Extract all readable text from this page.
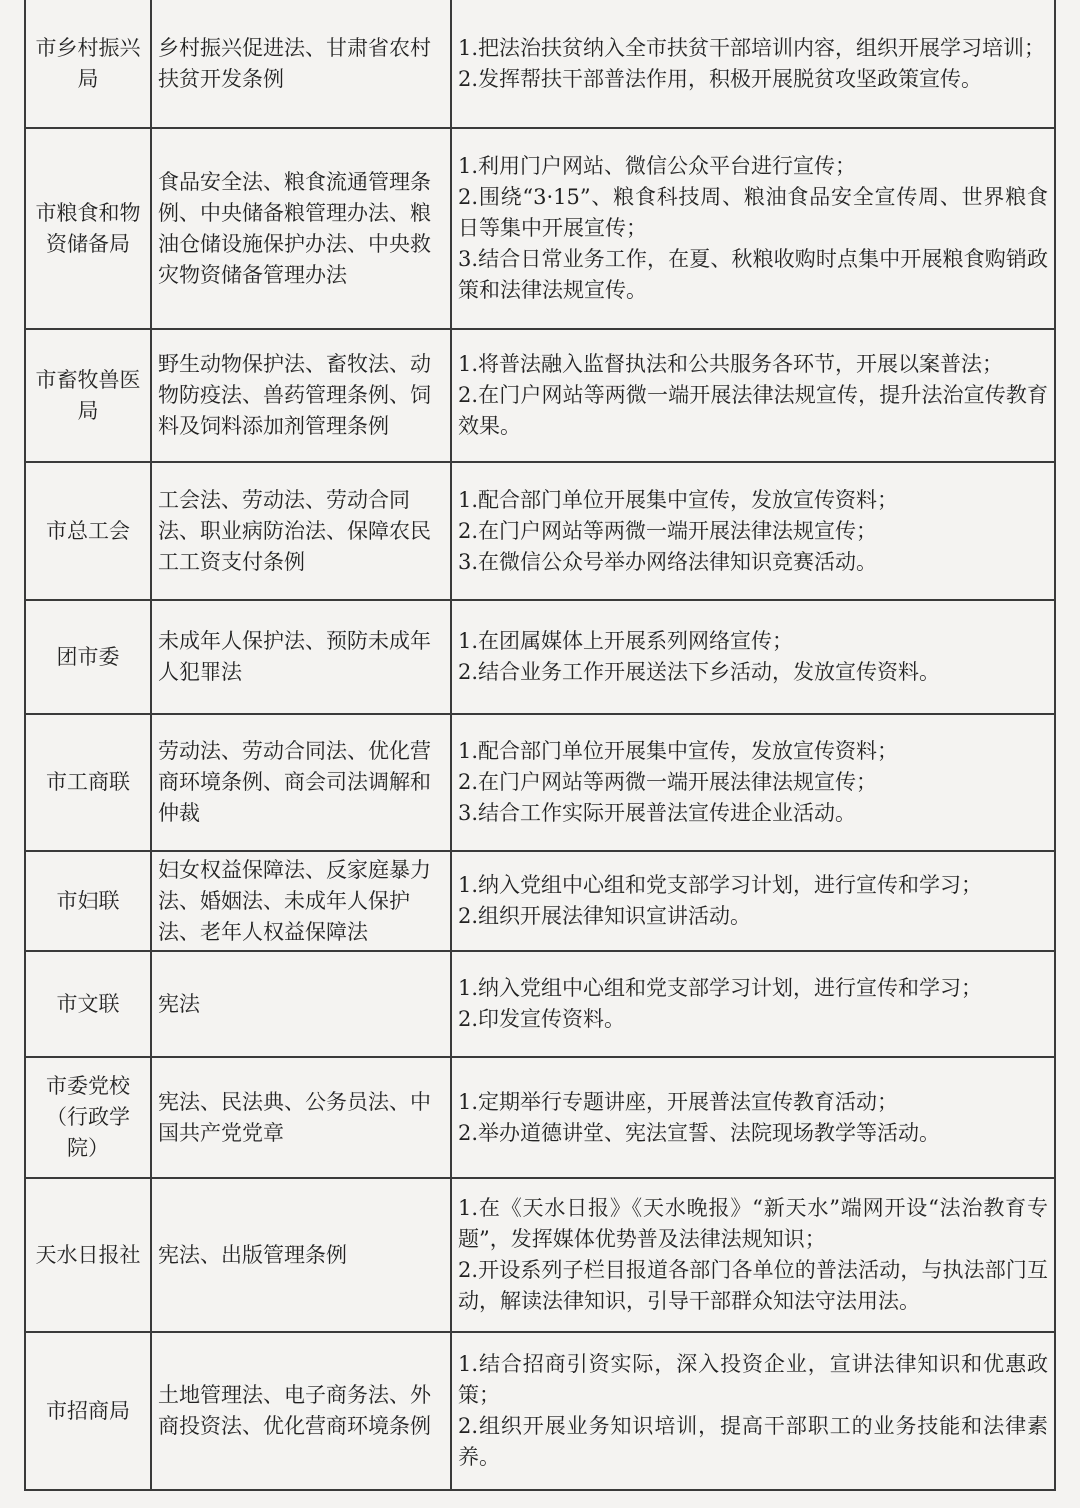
市乡村振兴局	乡村振兴促进法、甘肃省农村扶贫开发条例	1.把法治扶贫纳入全市扶贫干部培训内容，组织开展学习培训；
2.发挥帮扶干部普法作用，积极开展脱贫攻坚政策宣传。

市粮食和物资储备局	食品安全法、粮食流通管理条例、中央储备粮管理办法、粮油仓储设施保护办法、中央救灾物资储备管理办法	1.利用门户网站、微信公众平台进行宣传；
2.围绕“3·15”、粮食科技周、粮油食品安全宣传周、世界粮食日等集中开展宣传；
3.结合日常业务工作，在夏、秋粮收购时点集中开展粮食购销政策和法律法规宣传。

市畜牧兽医局	野生动物保护法、畜牧法、动物防疫法、兽药管理条例、饲料及饲料添加剂管理条例	1.将普法融入监督执法和公共服务各环节，开展以案普法；
2.在门户网站等两微一端开展法律法规宣传，提升法治宣传教育效果。

市总工会	工会法、劳动法、劳动合同法、职业病防治法、保障农民工工资支付条例	1.配合部门单位开展集中宣传，发放宣传资料；
2.在门户网站等两微一端开展法律法规宣传；
3.在微信公众号举办网络法律知识竞赛活动。

团市委	未成年人保护法、预防未成年人犯罪法	1.在团属媒体上开展系列网络宣传；
2.结合业务工作开展送法下乡活动，发放宣传资料。

市工商联	劳动法、劳动合同法、优化营商环境条例、商会司法调解和仲裁	1.配合部门单位开展集中宣传，发放宣传资料；
2.在门户网站等两微一端开展法律法规宣传；
3.结合工作实际开展普法宣传进企业活动。

市妇联	妇女权益保障法、反家庭暴力法、婚姻法、未成年人保护法、老年人权益保障法	1.纳入党组中心组和党支部学习计划，进行宣传和学习；
2.组织开展法律知识宣讲活动。

市文联	宪法	1.纳入党组中心组和党支部学习计划，进行宣传和学习；
2.印发宣传资料。

市委党校（行政学院）	宪法、民法典、公务员法、中国共产党党章	1.定期举行专题讲座，开展普法宣传教育活动；
2.举办道德讲堂、宪法宣誓、法院现场教学等活动。

天水日报社	宪法、出版管理条例	1.在《天水日报》《天水晚报》“新天水”端网开设“法治教育专题”，发挥媒体优势普及法律法规知识；
2.开设系列子栏目报道各部门各单位的普法活动，与执法部门互动，解读法律知识，引导干部群众知法守法用法。

市招商局	土地管理法、电子商务法、外商投资法、优化营商环境条例	1.结合招商引资实际，深入投资企业，宣讲法律知识和优惠政策；
2.组织开展业务知识培训，提高干部职工的业务技能和法律素养。
